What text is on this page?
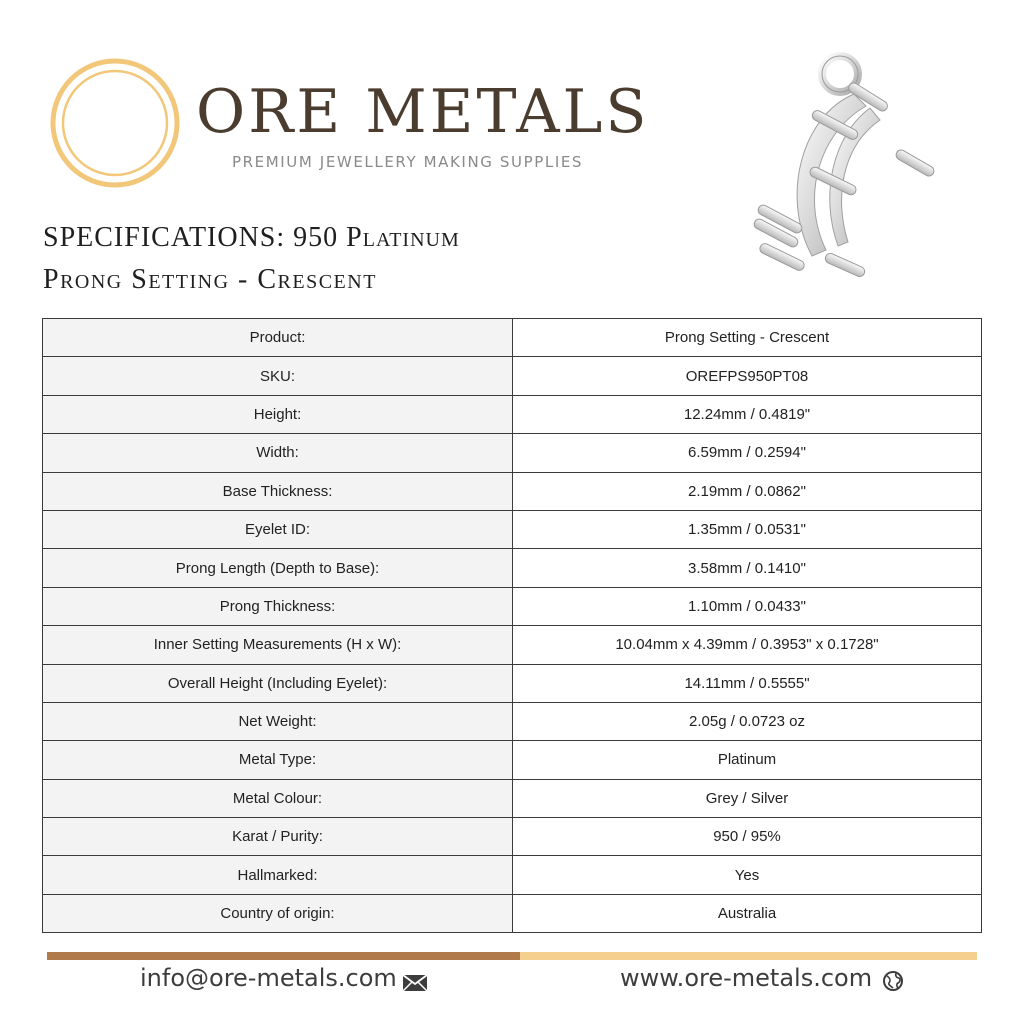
ORE METALS
PREMIUM JEWELLERY MAKING SUPPLIES
SPECIFICATIONS: 950 Platinum
Prong Setting - Crescent
Product:	Prong Setting - Crescent
SKU:	OREFPS950PT08
Height:	12.24mm / 0.4819"
Width:	6.59mm / 0.2594"
Base Thickness:	2.19mm / 0.0862"
Eyelet ID:	1.35mm / 0.0531"
Prong Length (Depth to Base):	3.58mm / 0.1410"
Prong Thickness:	1.10mm / 0.0433"
Inner Setting Measurements (H x W):	10.04mm x 4.39mm / 0.3953" x 0.1728"
Overall Height (Including Eyelet):	14.11mm / 0.5555"
Net Weight:	2.05g / 0.0723 oz
Metal Type:	Platinum
Metal Colour:	Grey / Silver
Karat / Purity:	950 / 95%
Hallmarked:	Yes
Country of origin:	Australia
info@ore-metals.com	www.ore-metals.com
